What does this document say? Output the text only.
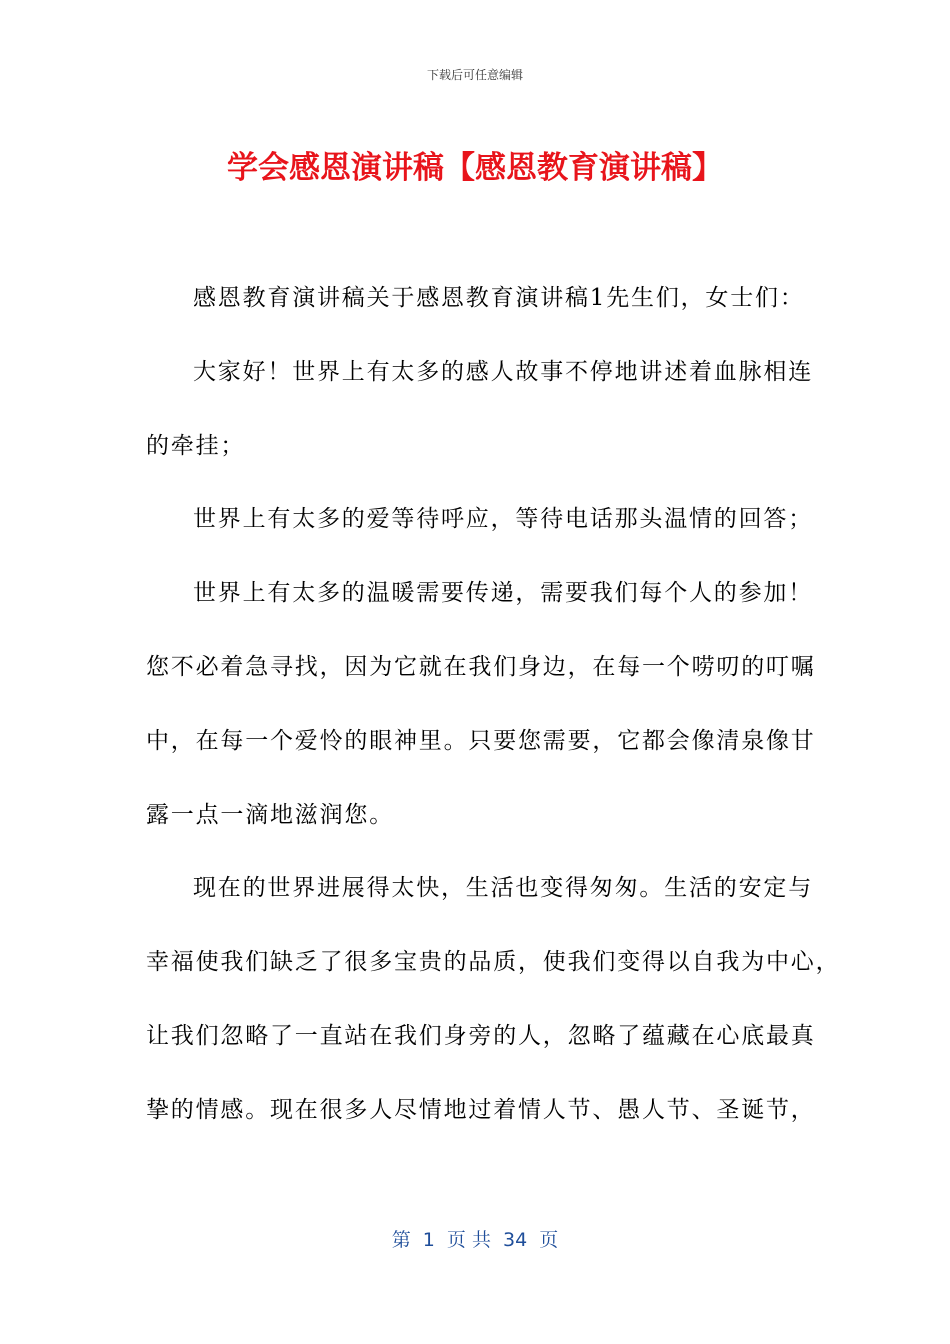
下载后可任意编辑
学会感恩演讲稿【感恩教育演讲稿】
感恩教育演讲稿关于感恩教育演讲稿1先生们，女士们：
大家好！世界上有太多的感人故事不停地讲述着血脉相连
的牵挂；
世界上有太多的爱等待呼应，等待电话那头温情的回答；
世界上有太多的温暖需要传递，需要我们每个人的参加！
您不必着急寻找，因为它就在我们身边，在每一个唠叨的叮嘱
中，在每一个爱怜的眼神里。只要您需要，它都会像清泉像甘
露一点一滴地滋润您。
现在的世界进展得太快，生活也变得匆匆。生活的安定与
幸福使我们缺乏了很多宝贵的品质，使我们变得以自我为中心，
让我们忽略了一直站在我们身旁的人，忽略了蕴藏在心底最真
挚的情感。现在很多人尽情地过着情人节、愚人节、圣诞节，
第  1  页 共  34  页
